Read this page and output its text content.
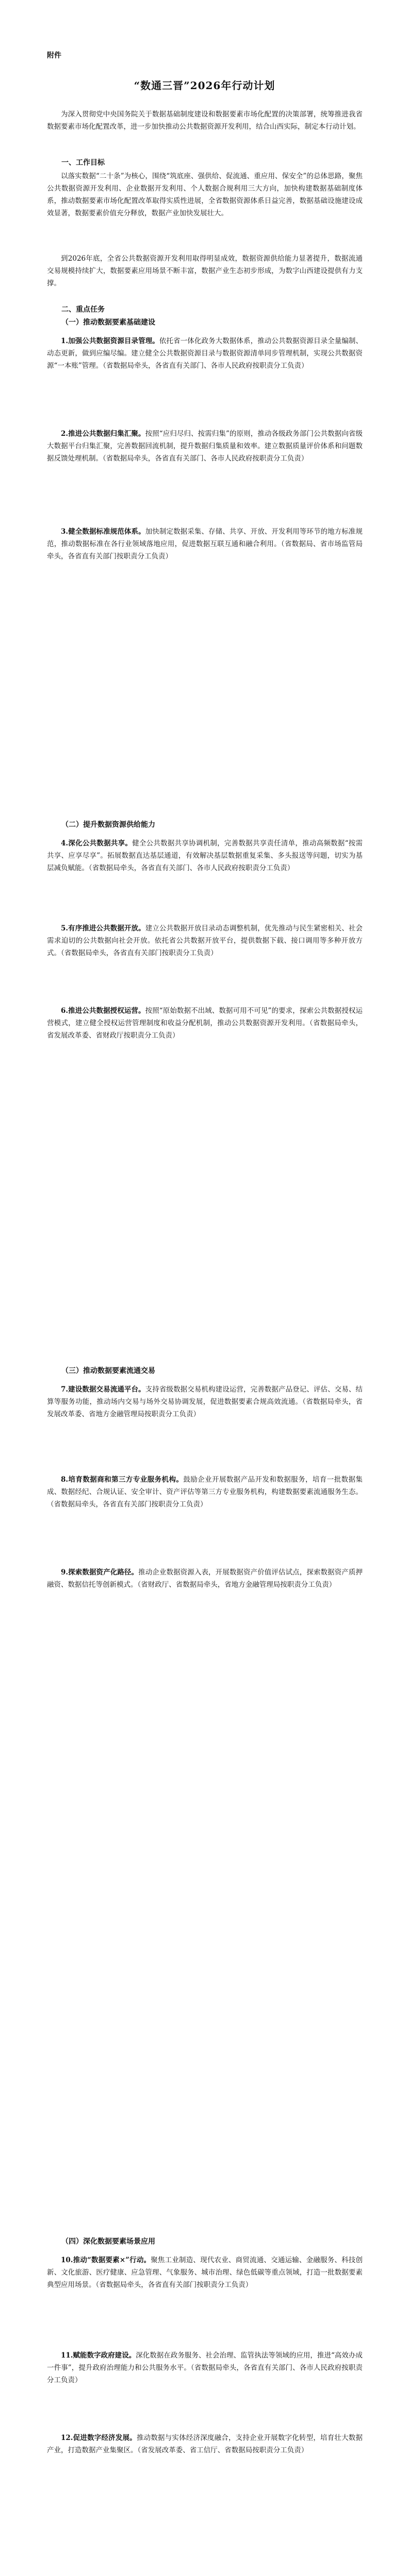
附件
“数通三晋”2026年行动计划
为深入贯彻党中央国务院关于数据基础制度建设和数据要素市场化配置的决策部署，统筹推进我省数据要素市场化配置改革，进一步加快推动公共数据资源开发利用，结合山西实际，制定本行动计划。
一、工作目标
以落实数据“二十条”为核心，围绕“筑底座、强供给、促流通、重应用、保安全”的总体思路，聚焦公共数据资源开发利用、企业数据开发利用、个人数据合规利用三大方向，加快构建数据基础制度体系，推动数据要素市场化配置改革取得实质性进展，全省数据资源体系日益完善，数据基础设施建设成效显著，数据要素价值充分释放，数据产业加快发展壮大。
到2026年底，全省公共数据资源开发利用取得明显成效，数据资源供给能力显著提升，数据流通交易规模持续扩大，数据要素应用场景不断丰富，数据产业生态初步形成，为数字山西建设提供有力支撑。
二、重点任务
（一）推动数据要素基础建设
1.加强公共数据资源目录管理。依托省一体化政务大数据体系，推动公共数据资源目录全量编制、动态更新，做到应编尽编。建立健全公共数据资源目录与数据资源清单同步管理机制，实现公共数据资源“一本账”管理。（省数据局牵头，各省直有关部门、各市人民政府按职责分工负责）
2.推进公共数据归集汇聚。按照“应归尽归、按需归集”的原则，推动各级政务部门公共数据向省级大数据平台归集汇聚，完善数据回流机制，提升数据归集质量和效率。建立数据质量评价体系和问题数据反馈处理机制。（省数据局牵头，各省直有关部门、各市人民政府按职责分工负责）
3.健全数据标准规范体系。加快制定数据采集、存储、共享、开放、开发利用等环节的地方标准规范，推动数据标准在各行业领域落地应用，促进数据互联互通和融合利用。（省数据局、省市场监管局牵头，各省直有关部门按职责分工负责）
（二）提升数据资源供给能力
4.深化公共数据共享。健全公共数据共享协调机制，完善数据共享责任清单，推动高频数据“按需共享、应享尽享”。拓展数据直达基层通道，有效解决基层数据重复采集、多头报送等问题，切实为基层减负赋能。（省数据局牵头，各省直有关部门、各市人民政府按职责分工负责）
5.有序推进公共数据开放。建立公共数据开放目录动态调整机制，优先推动与民生紧密相关、社会需求迫切的公共数据向社会开放。依托省公共数据开放平台，提供数据下载、接口调用等多种开放方式。（省数据局牵头，各省直有关部门按职责分工负责）
6.推进公共数据授权运营。按照“原始数据不出域、数据可用不可见”的要求，探索公共数据授权运营模式，建立健全授权运营管理制度和收益分配机制，推动公共数据资源开发利用。（省数据局牵头，省发展改革委、省财政厅按职责分工负责）
（三）推动数据要素流通交易
7.建设数据交易流通平台。支持省级数据交易机构建设运营，完善数据产品登记、评估、交易、结算等服务功能，推动场内交易与场外交易协调发展，促进数据要素合规高效流通。（省数据局牵头，省发展改革委、省地方金融管理局按职责分工负责）
8.培育数据商和第三方专业服务机构。鼓励企业开展数据产品开发和数据服务，培育一批数据集成、数据经纪、合规认证、安全审计、资产评估等第三方专业服务机构，构建数据要素流通服务生态。（省数据局牵头，各省直有关部门按职责分工负责）
9.探索数据资产化路径。推动企业数据资源入表，开展数据资产价值评估试点，探索数据资产质押融资、数据信托等创新模式。（省财政厅、省数据局牵头，省地方金融管理局按职责分工负责）
（四）深化数据要素场景应用
10.推动“数据要素×”行动。聚焦工业制造、现代农业、商贸流通、交通运输、金融服务、科技创新、文化旅游、医疗健康、应急管理、气象服务、城市治理、绿色低碳等重点领域，打造一批数据要素典型应用场景。（省数据局牵头，各省直有关部门按职责分工负责）
11.赋能数字政府建设。深化数据在政务服务、社会治理、监管执法等领域的应用，推进“高效办成一件事”，提升政府治理能力和公共服务水平。（省数据局牵头，各省直有关部门、各市人民政府按职责分工负责）
12.促进数字经济发展。推动数据与实体经济深度融合，支持企业开展数字化转型，培育壮大数据产业，打造数据产业集聚区。（省发展改革委、省工信厅、省数据局按职责分工负责）
